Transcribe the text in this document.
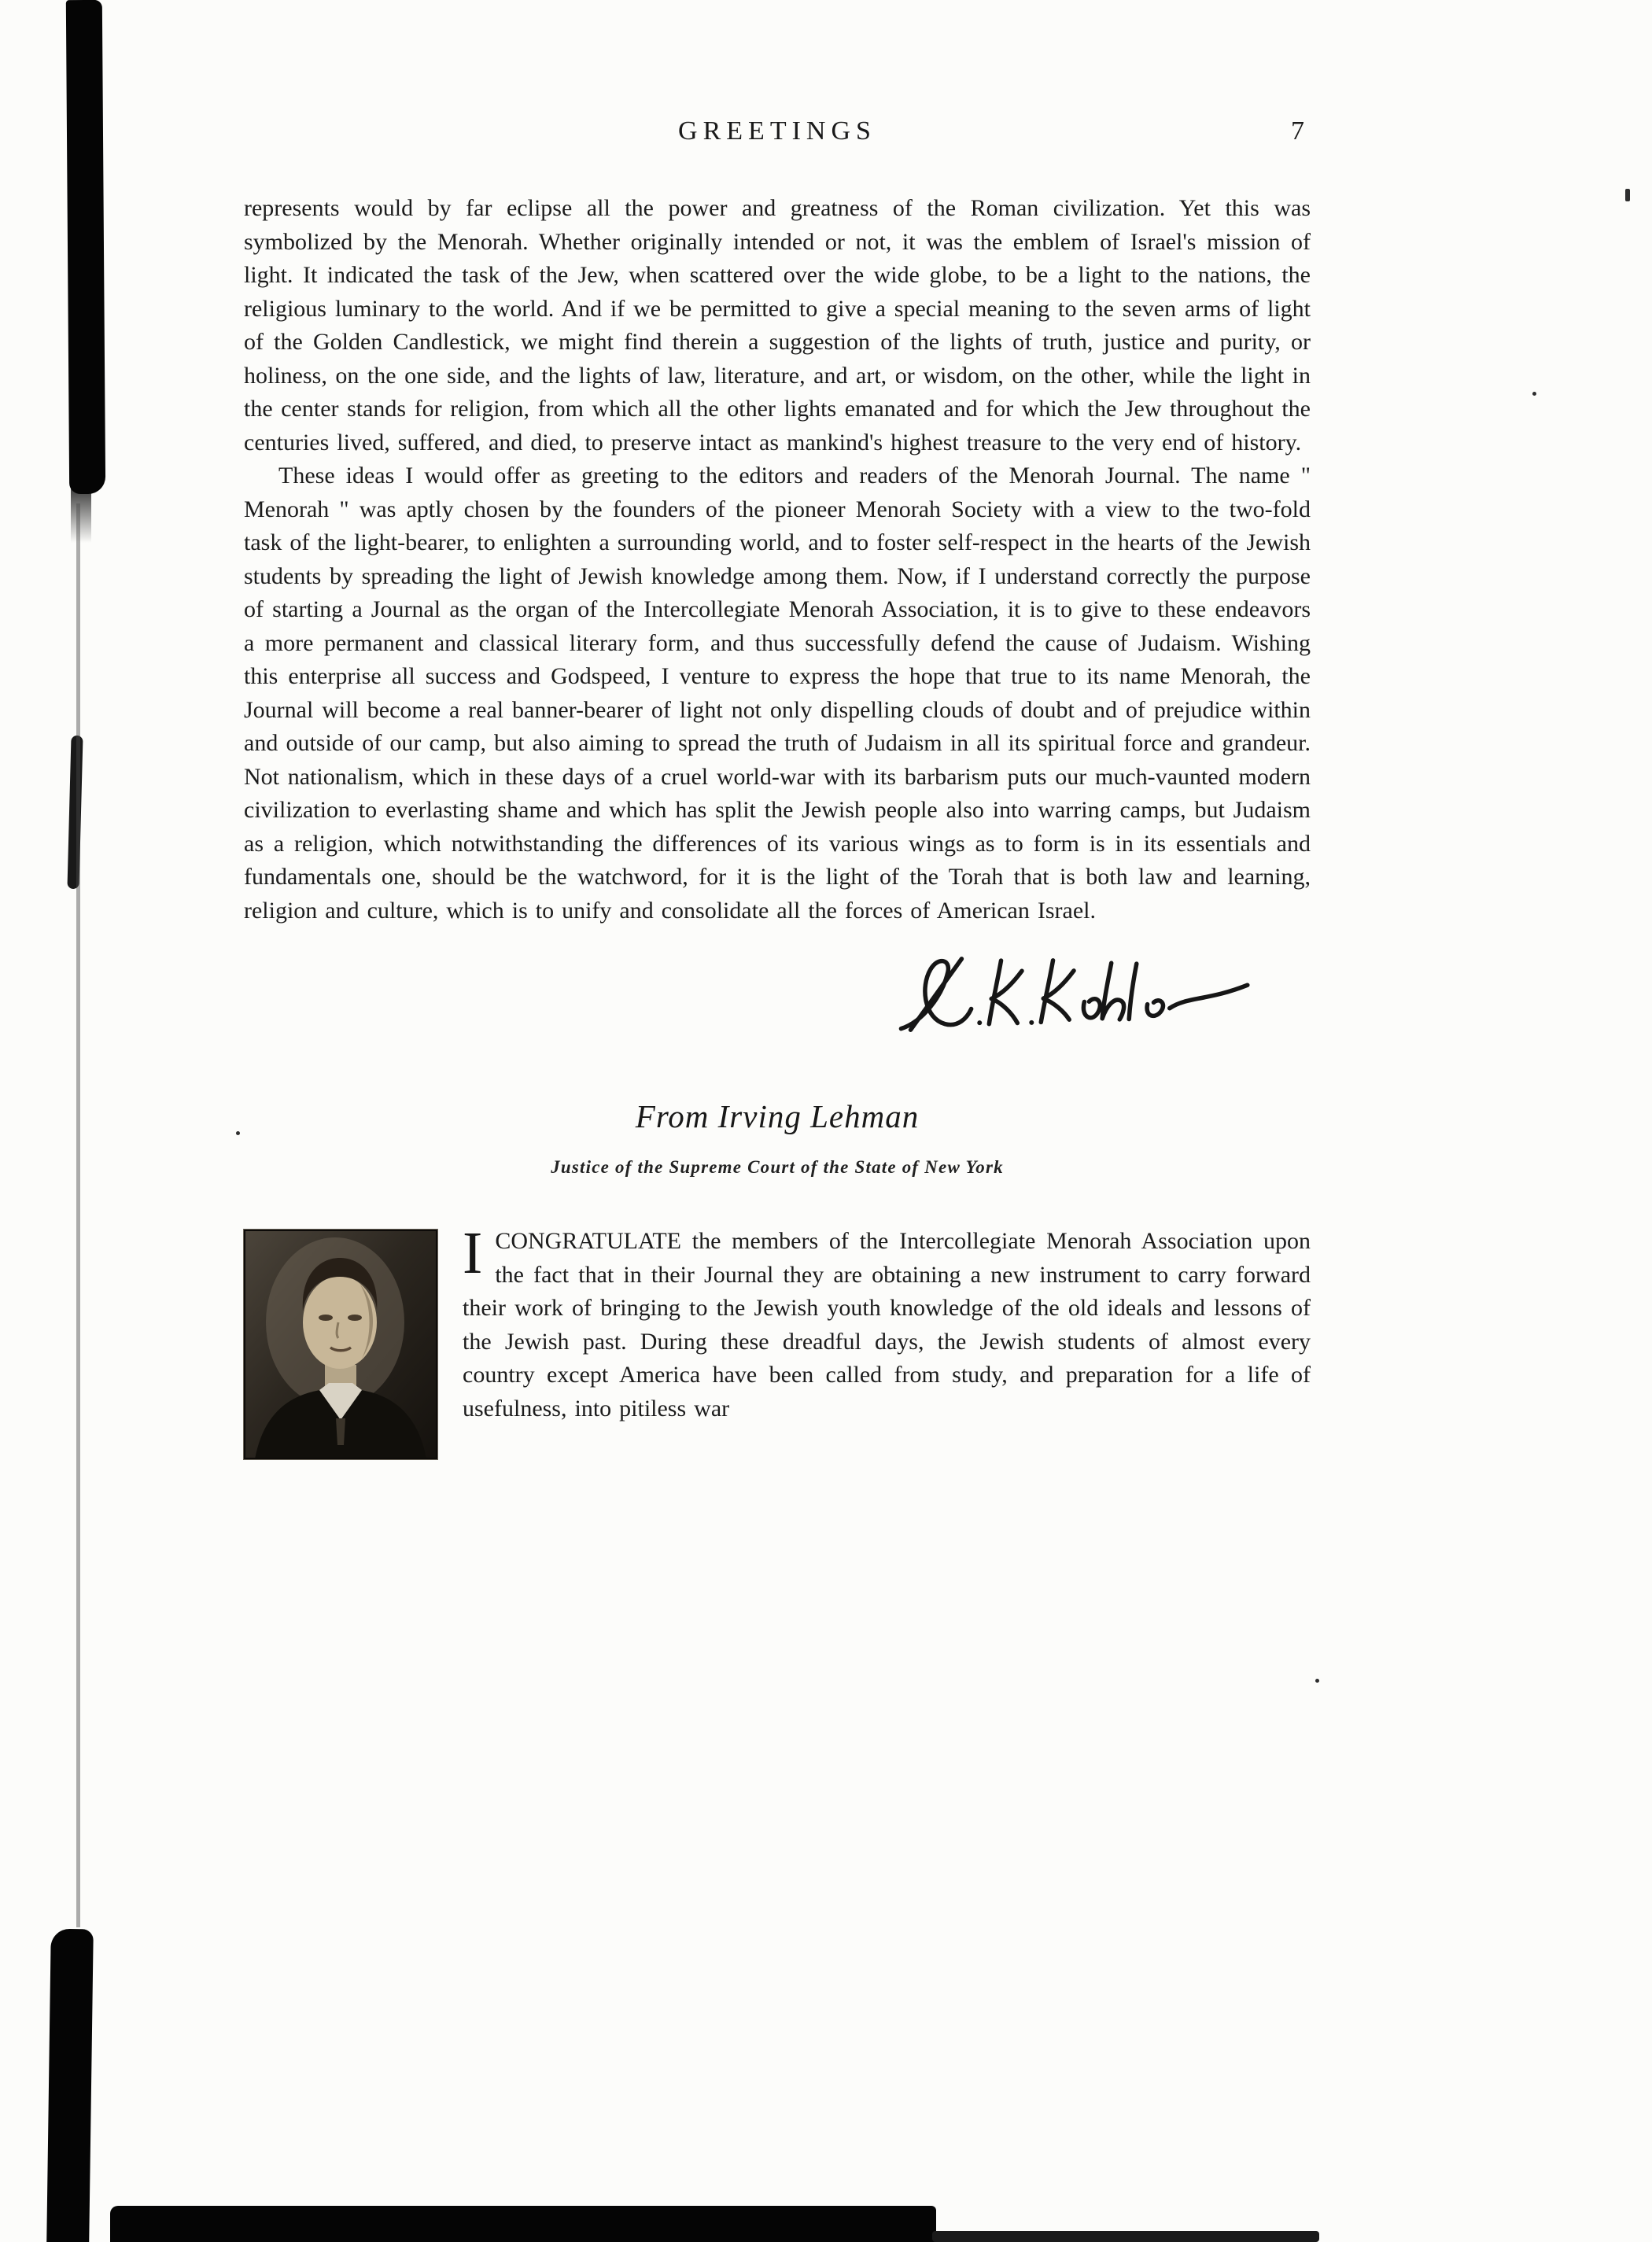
GREETINGS	7

represents would by far eclipse all the power and greatness of the Roman civilization. Yet this was symbolized by the Menorah. Whether originally intended or not, it was the emblem of Israel's mission of light. It indicated the task of the Jew, when scattered over the wide globe, to be a light to the nations, the religious luminary to the world. And if we be permitted to give a special meaning to the seven arms of light of the Golden Candlestick, we might find therein a suggestion of the lights of truth, justice and purity, or holiness, on the one side, and the lights of law, literature, and art, or wisdom, on the other, while the light in the center stands for religion, from which all the other lights emanated and for which the Jew throughout the centuries lived, suffered, and died, to preserve intact as mankind's highest treasure to the very end of history.

These ideas I would offer as greeting to the editors and readers of the Menorah Journal. The name " Menorah " was aptly chosen by the founders of the pioneer Menorah Society with a view to the two-fold task of the light-bearer, to enlighten a surrounding world, and to foster self-respect in the hearts of the Jewish students by spreading the light of Jewish knowledge among them. Now, if I understand correctly the purpose of starting a Journal as the organ of the Intercollegiate Menorah Association, it is to give to these endeavors a more permanent and classical literary form, and thus successfully defend the cause of Judaism. Wishing this enterprise all success and Godspeed, I venture to express the hope that true to its name Menorah, the Journal will become a real banner-bearer of light not only dispelling clouds of doubt and of prejudice within and outside of our camp, but also aiming to spread the truth of Judaism in all its spiritual force and grandeur. Not nationalism, which in these days of a cruel world-war with its barbarism puts our much-vaunted modern civilization to everlasting shame and which has split the Jewish people also into warring camps, but Judaism as a religion, which notwithstanding the differences of its various wings as to form is in its essentials and fundamentals one, should be the watchword, for it is the light of the Torah that is both law and learning, religion and culture, which is to unify and consolidate all the forces of American Israel.

From Irving Lehman
Justice of the Supreme Court of the State of New York
I CONGRATULATE the members of the Intercollegiate Menorah Association upon the fact that in their Journal they are obtaining a new instrument to carry forward their work of bringing to the Jewish youth knowledge of the old ideals and lessons of the Jewish past. During these dreadful days, the Jewish students of almost every country except America have been called from study, and preparation for a life of usefulness, into pitiless war
